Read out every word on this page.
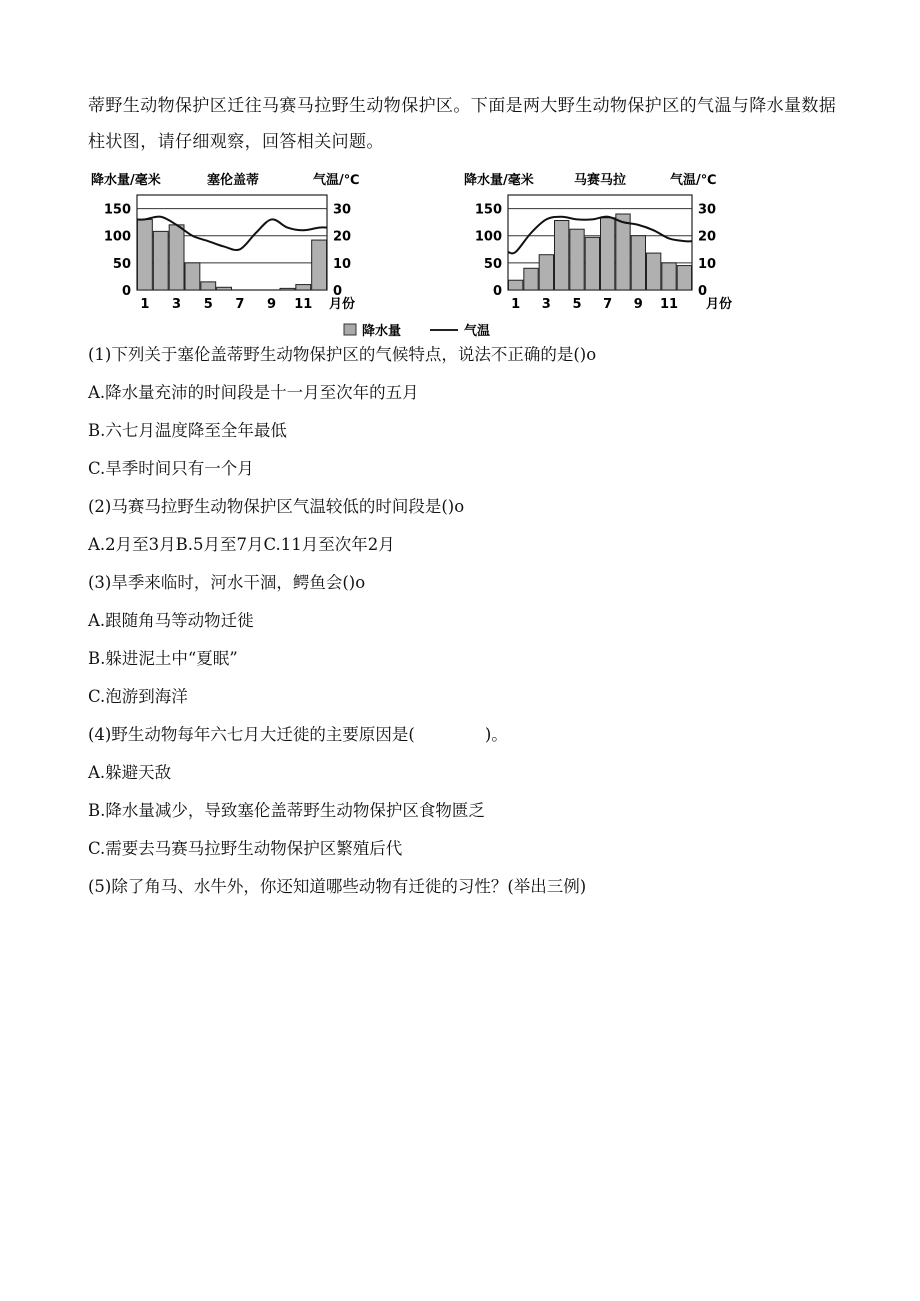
蒂野生动物保护区迁往马赛马拉野生动物保护区。下面是两大野生动物保护区的气温与降水量数据柱状图，请仔细观察，回答相关问题。

降水量/毫米	塞伦盖蒂	气温/℃
月份
150
100
50
0
30
20
10
0
1 3 5 7 9 11
降水量/毫米	马赛马拉	气温/℃
月份
150
100
50
0
30
20
10
0
1 3 5 7 9 11
降水量	气温

(1)下列关于塞伦盖蒂野生动物保护区的气候特点，说法不正确的是()o

A.降水量充沛的时间段是十一月至次年的五月

B.六七月温度降至全年最低

C.旱季时间只有一个月

(2)马赛马拉野生动物保护区气温较低的时间段是()o

A.2月至3月B.5月至7月C.11月至次年2月

(3)旱季来临时，河水干涸，鳄鱼会()o

A.跟随角马等动物迁徙

B.躲进泥土中“夏眠”

C.泡游到海洋

(4)野生动物每年六七月大迁徙的主要原因是(	)。

A.躲避天敌

B.降水量减少，导致塞伦盖蒂野生动物保护区食物匮乏

C.需要去马赛马拉野生动物保护区繁殖后代

(5)除了角马、水牛外，你还知道哪些动物有迁徙的习性？(举出三例)
